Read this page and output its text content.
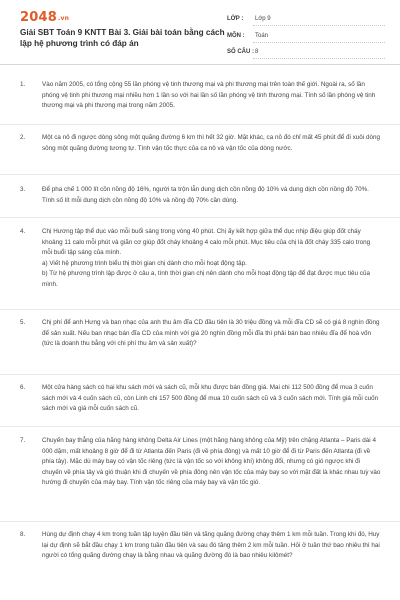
2048.vn
Giải SBT Toán 9 KNTT Bài 3. Giải bài toán bằng cách lập hệ phương trình có đáp án
LỚP : Lớp 9
MÔN : Toán
SỐ CÂU : 8
1.	Vào năm 2005, có tổng cộng 55 lần phóng vệ tinh thương mại và phi thương mại trên toàn thế giới. Ngoài ra, số lần phóng vệ tinh phi thương mại nhiều hơn 1 lần so với hai lần số lần phóng vệ tinh thương mại. Tính số lần phóng vệ tinh thương mại và phi thương mại trong năm 2005.

2.	Một ca nô đi ngược dòng sông một quãng đường 6 km thì hết 32 giờ. Mặt khác, ca nô đó chỉ mất 45 phút để đi xuôi dòng sông một quãng đường tương tự. Tính vận tốc thực của ca nô và vận tốc của dòng nước.

3.	Để pha chế 1 000 lít cồn nồng độ 16%, người ta trộn lẫn dung dịch cồn nồng độ 10% và dung dịch cồn nồng độ 70%. Tính số lít mỗi dung dịch cồn nồng độ 10% và nồng độ 70% cần dùng.

4.	Chị Hương tập thể dục vào mỗi buổi sáng trong vòng 40 phút. Chị ấy kết hợp giữa thể dục nhịp điệu giúp đốt cháy khoảng 11 calo mỗi phút và giãn cơ giúp đốt cháy khoảng 4 calo mỗi phút. Mục tiêu của chị là đốt cháy 335 calo trong mỗi buổi tập sáng của mình.

a) Viết hệ phương trình biểu thị thời gian chị dành cho mỗi hoạt động tập.

b) Từ hệ phương trình lập được ở câu a, tính thời gian chị nên dành cho mỗi hoạt động tập để đạt được mục tiêu của mình.

5.	Chị phí để anh Hưng và ban nhạc của anh thu âm đĩa CD đầu tiên là 30 triệu đồng và mỗi đĩa CD sẽ có giá 8 nghìn đồng để sản xuất. Nếu ban nhạc bán đĩa CD của mình với giá 20 nghìn đồng mỗi đĩa thì phải bán bao nhiêu đĩa để hoà vốn (tức là doanh thu bằng với chi phí thu âm và sản xuất)?

6.	Một cửa hàng sách có hai khu sách mới và sách cũ, mỗi khu được bán đồng giá. Mai chi 112 500 đồng để mua 3 cuốn sách mới và 4 cuốn sách cũ, còn Linh chi 157 500 đồng để mua 10 cuốn sách cũ và 3 cuốn sách mới. Tính giá mỗi cuốn sách mới và giá mỗi cuốn sách cũ.

7.	Chuyến bay thẳng của hãng hàng không Delta Air Lines (một hãng hàng không của Mỹ) trên chặng Atlanta – Paris dài 4 000 dặm, mất khoảng 8 giờ để đi từ Atlanta đến Paris (đi về phía đông) và mất 10 giờ để đi từ Paris đến Atlanta (đi về phía tây). Mặc dù máy bay có vận tốc riêng (tức là vận tốc so với không khí) không đổi, nhưng có gió ngược khi đi chuyến về phía tây và gió thuận khi đi chuyến về phía đông nên vận tốc của máy bay so với mặt đất là khác nhau tuỳ vào hướng đi chuyến của máy bay. Tính vận tốc riêng của máy bay và vận tốc gió.

8.	Hùng dự định chạy 4 km trong tuần tập luyện đầu tiên và tăng quãng đường chạy thêm 1 km mỗi tuần. Trong khi đó, Huy lại dự định sẽ bắt đầu chạy 1 km trong tuần đầu tiên và sau đó tăng thêm 2 km mỗi tuần. Hỏi ở tuần thứ bao nhiêu thì hai người có tổng quãng đường chạy là bằng nhau và quãng đường đó là bao nhiêu kilômét?
